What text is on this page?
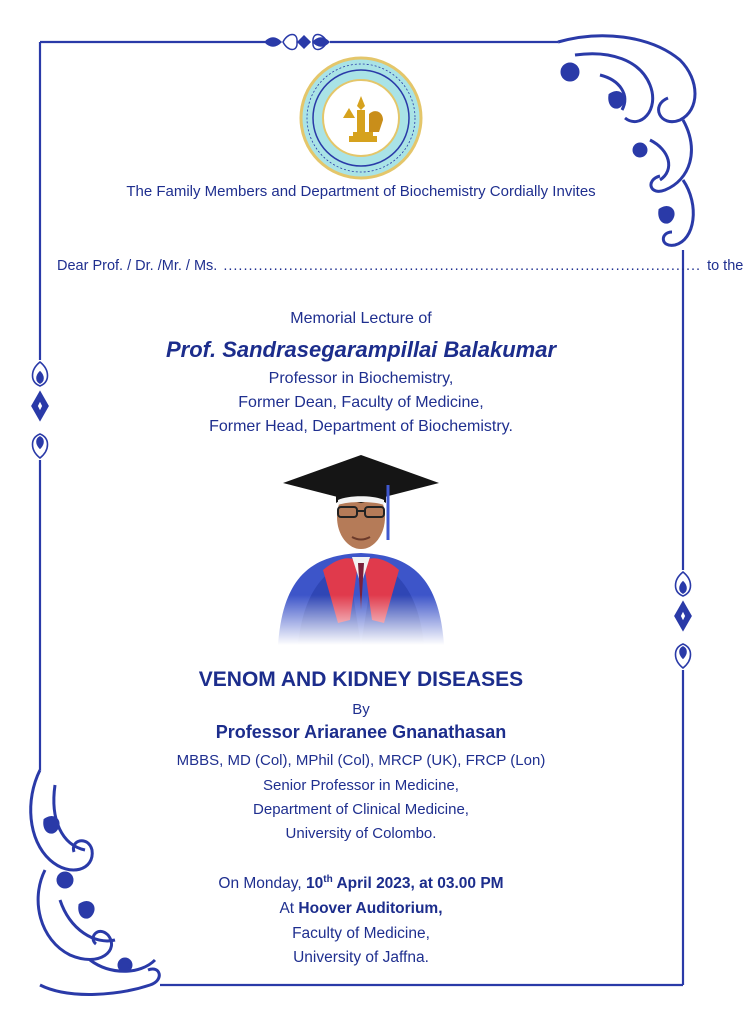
The Family Members and Department of Biochemistry Cordially Invites
Dear Prof. / Dr. /Mr. / Ms. ............................................................................................... to the
Memorial Lecture of
Prof. Sandrasegarampillai Balakumar
Professor in Biochemistry,
Former Dean, Faculty of Medicine,
Former Head, Department of Biochemistry.
VENOM AND KIDNEY DISEASES
By
Professor Ariaranee Gnanathasan
MBBS, MD (Col), MPhil (Col), MRCP (UK), FRCP (Lon)
Senior Professor in Medicine,
Department of Clinical Medicine,
University of Colombo.
On Monday, 10th April 2023, at 03.00 PM
At Hoover Auditorium,
Faculty of Medicine,
University of Jaffna.
